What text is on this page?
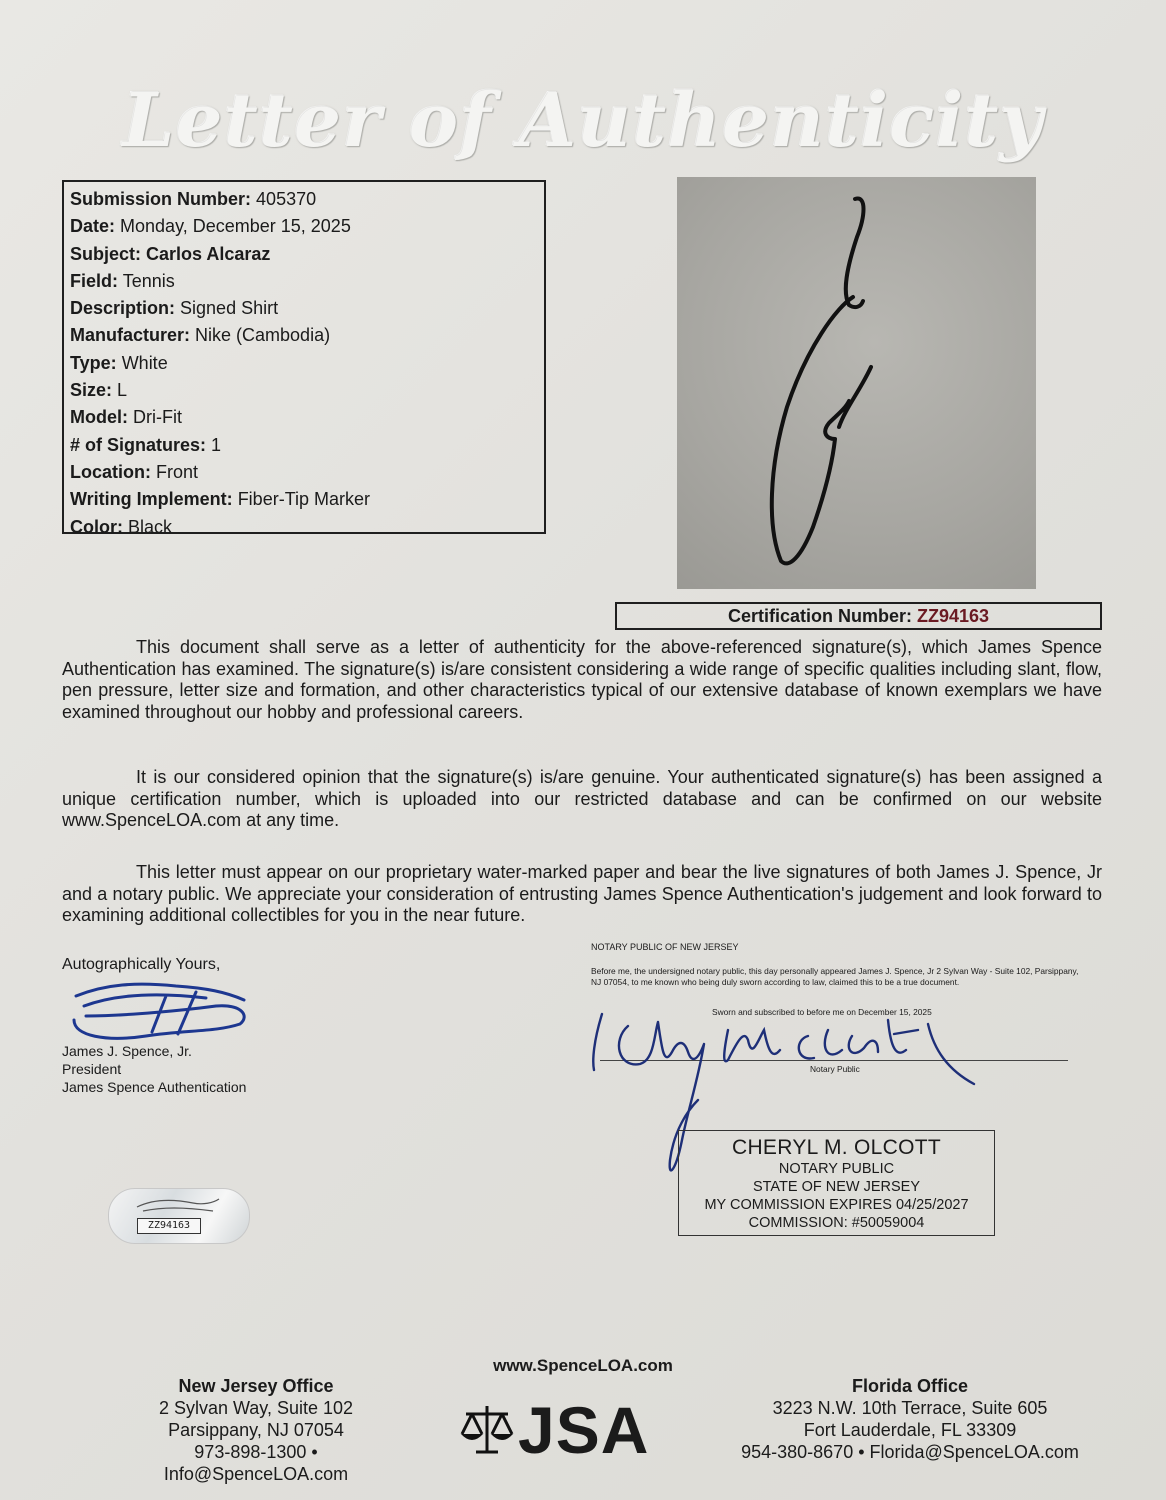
Letter of Authenticity
Submission Number: 405370
Date: Monday, December 15, 2025
Subject: Carlos Alcaraz
Field: Tennis
Description: Signed Shirt
Manufacturer: Nike (Cambodia)
Type: White
Size: L
Model: Dri-Fit
# of Signatures: 1
Location: Front
Writing Implement: Fiber-Tip Marker
Color: Black
Certification Number: ZZ94163
This document shall serve as a letter of authenticity for the above-referenced signature(s), which James Spence Authentication has examined. The signature(s) is/are consistent considering a wide range of specific qualities including slant, flow, pen pressure, letter size and formation, and other characteristics typical of our extensive database of known exemplars we have examined throughout our hobby and professional careers.
It is our considered opinion that the signature(s) is/are genuine. Your authenticated signature(s) has been assigned a unique certification number, which is uploaded into our restricted database and can be confirmed on our website www.SpenceLOA.com at any time.
This letter must appear on our proprietary water-marked paper and bear the live signatures of both James J. Spence, Jr and a notary public. We appreciate your consideration of entrusting James Spence Authentication's judgement and look forward to examining additional collectibles for you in the near future.
Autographically Yours,
James J. Spence, Jr.
President
James Spence Authentication
ZZ94163
NOTARY PUBLIC OF NEW JERSEY
Before me, the undersigned notary public, this day personally appeared James J. Spence, Jr 2 Sylvan Way - Suite 102, Parsippany, NJ 07054, to me known who being duly sworn according to law, claimed this to be a true document.
Sworn and subscribed to before me on December 15, 2025
Notary Public
CHERYL M. OLCOTT
NOTARY PUBLIC
STATE OF NEW JERSEY
MY COMMISSION EXPIRES 04/25/2027
COMMISSION: #50059004
New Jersey Office
2 Sylvan Way, Suite 102
Parsippany, NJ 07054
973-898-1300 • Info@SpenceLOA.com
www.SpenceLOA.com
JSA
Florida Office
3223 N.W. 10th Terrace, Suite 605
Fort Lauderdale, FL 33309
954-380-8670 • Florida@SpenceLOA.com
